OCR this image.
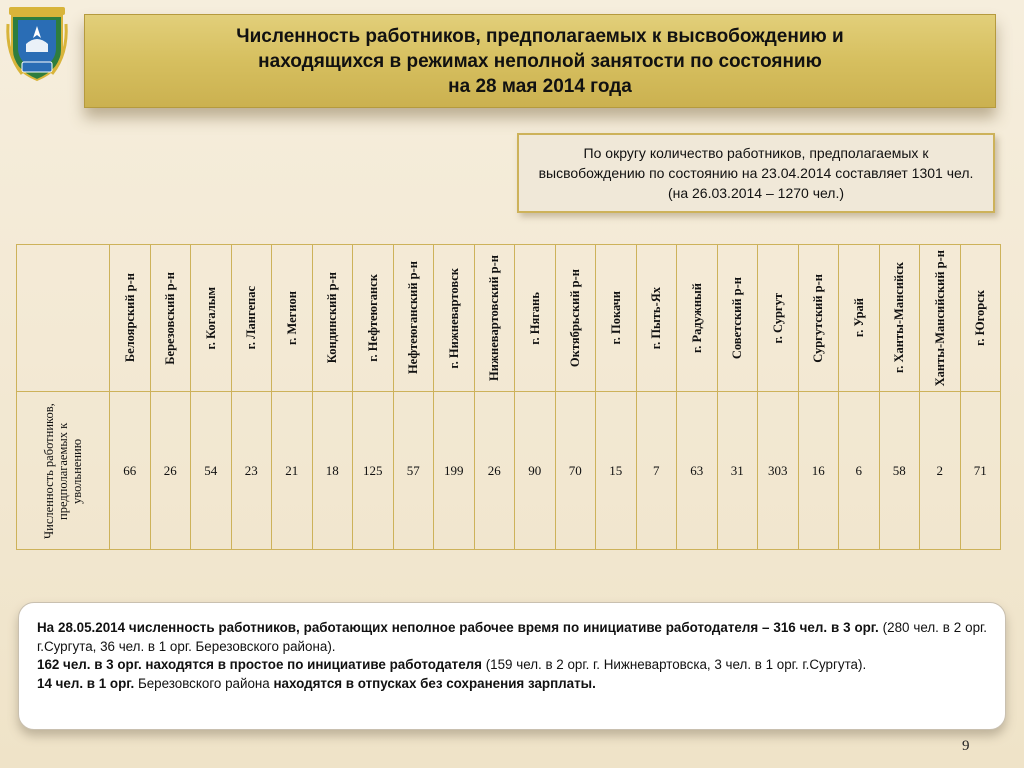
Численность работников, предполагаемых к высвобождению и
находящихся в режимах неполной занятости по состоянию
на 28 мая 2014 года
По округу количество работников, предполагаемых к высвобождению по состоянию на 23.04.2014 составляет 1301 чел. (на 26.03.2014 – 1270 чел.)

	Белоярский р-н	Березовский р-н	г. Когалым	г. Лангепас	г. Мегион	Кондинский р-н	г. Нефтеюганск	Нефтеюганский р-н	г. Нижневартовск	Нижневартовский р-н	г. Нягань	Октябрьский р-н	г. Покачи	г. Пыть-Ях	г. Радужный	Советский р-н	г. Сургут	Сургутский р-н	г. Урай	г. Ханты-Мансийск	Ханты-Мансийский р-н	г. Югорск

Численность работников, предполагаемых к увольнению	66	26	54	23	21	18	125	57	199	26	90	70	15	7	63	31	303	16	6	58	2	71

На 28.05.2014 численность работников, работающих неполное рабочее время по инициативе работодателя – 316 чел. в 3 орг. (280 чел. в 2 орг. г.Сургута, 36 чел. в 1 орг. Березовского района).

162 чел. в 3 орг. находятся в простое по инициативе работодателя (159 чел. в 2 орг. г. Нижневартовска, 3 чел. в 1 орг. г.Сургута).

14 чел. в 1 орг. Березовского района находятся в отпусках без сохранения зарплаты.

9
